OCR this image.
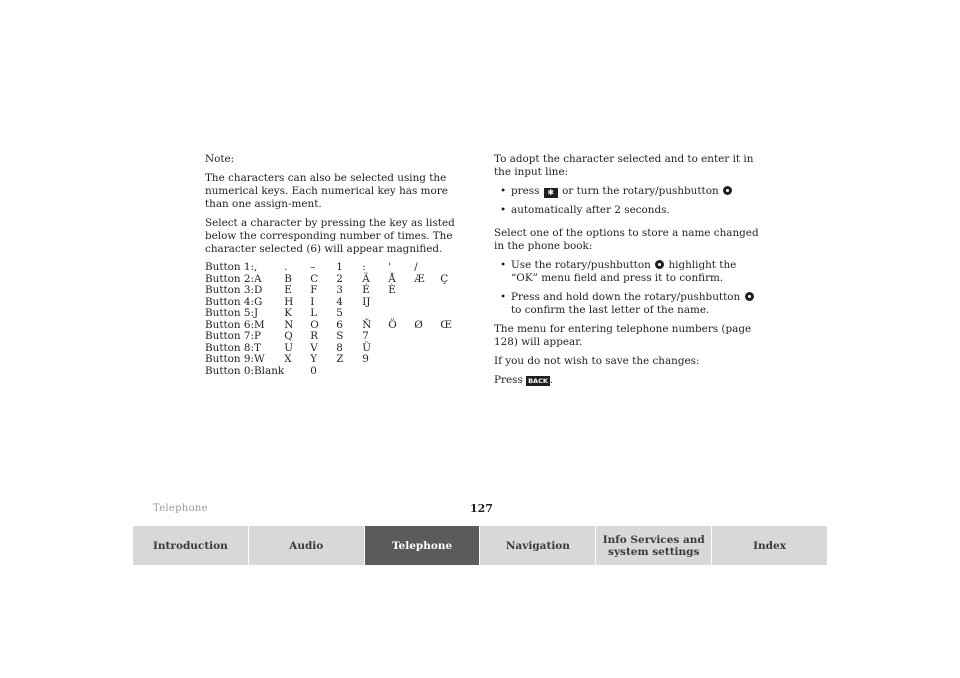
Note:

The characters can also be selected using the numerical keys. Each numerical key has more than one assign-ment.

Select a character by pressing the key as listed below the corresponding number of times. The character selected (6) will appear magnified.

Button 1:	,	.	–	1	:	'	/	
Button 2:	A	B	C	2	Ä	Å	Æ	Ç
Button 3:	D	E	F	3	É	È		
Button 4:	G	H	I	4	IJ			
Button 5:	J	K	L	5				
Button 6:	M	N	O	6	Ñ	Ö	Ø	Œ
Button 7:	P	Q	R	S	7			
Button 8:	T	U	V	8	Ü			
Button 9:	W	X	Y	Z	9			
Button 0:	Blank		0					

To adopt the character selected and to enter it in the input line:

• press ✱ or turn the rotary/pushbutton
• automatically after 2 seconds.

Select one of the options to store a name changed in the phone book:

• Use the rotary/pushbutton highlight the “OK” menu field and press it to confirm.
• Press and hold down the rotary/pushbutton  to confirm the last letter of the name.

The menu for entering telephone numbers (page 128) will appear.

If you do not wish to save the changes:

Press BACK .

Telephone	127
Introduction	Audio	Telephone	Navigation	Info Services and system settings	Index
